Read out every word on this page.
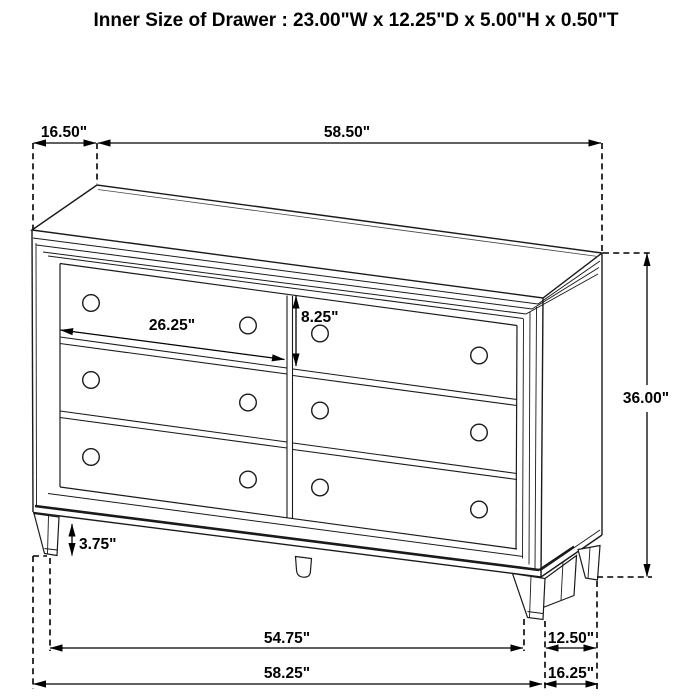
Inner Size of Drawer : 23.00"W x 12.25"D x 5.00"H x 0.50"T
16.50"	58.50"
36.00"
26.25"	8.25"
3.75"
54.75"	12.50"
58.25"	16.25"
